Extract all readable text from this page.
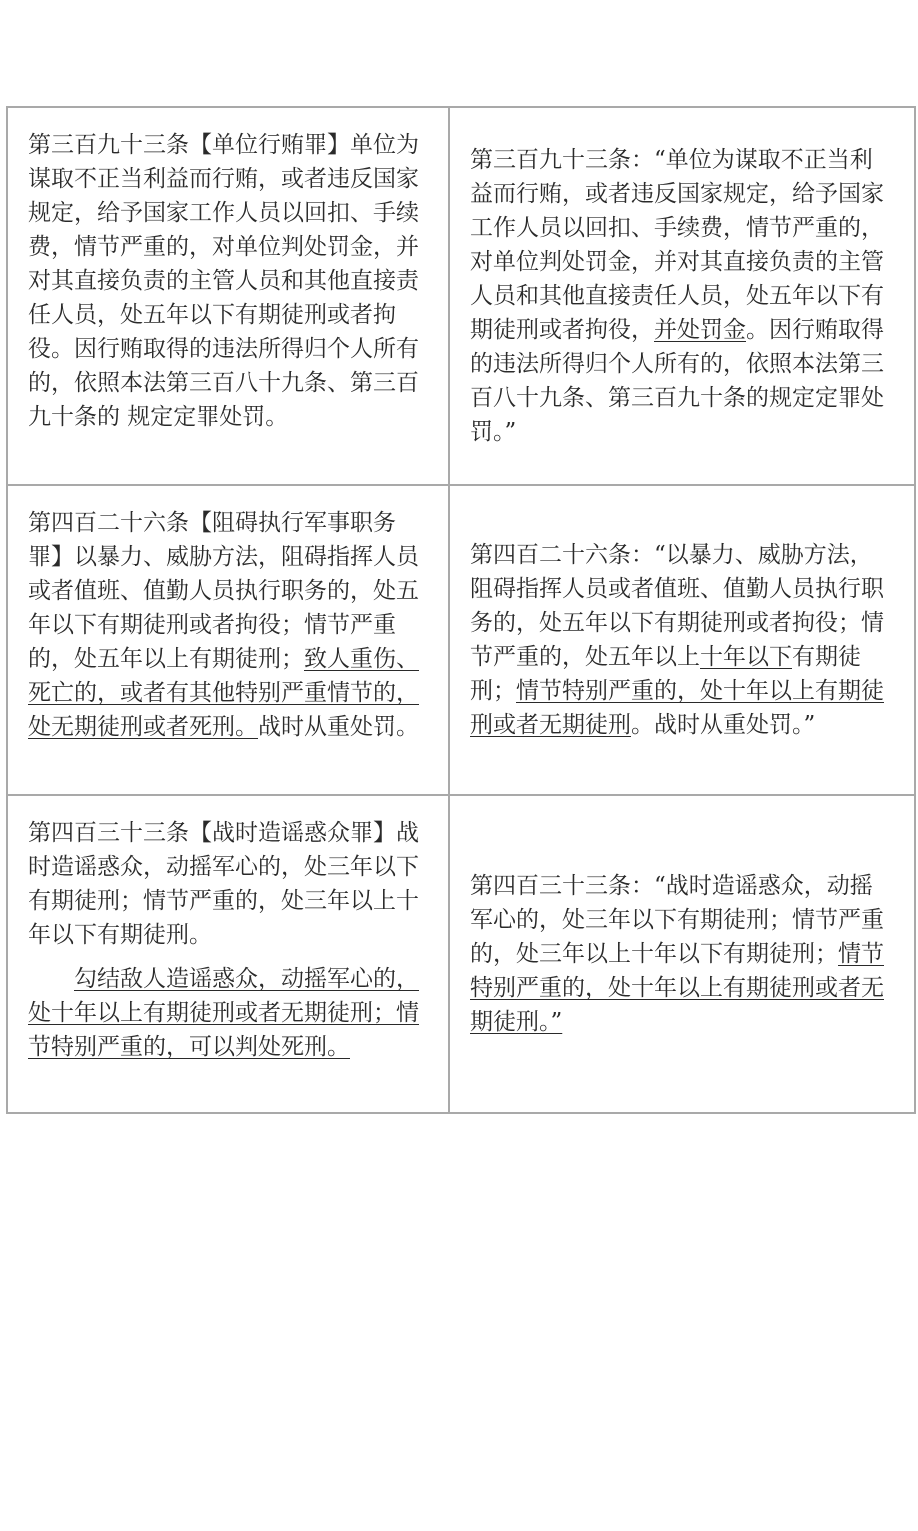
第三百九十三条【单位行贿罪】单位为谋取不正当利益而行贿，或者违反国家规定，给予国家工作人员以回扣、手续费，情节严重的，对单位判处罚金，并对其直接负责的主管人员和其他直接责任人员，处五年以下有期徒刑或者拘役。因行贿取得的违法所得归个人所有的，依照本法第三百八十九条、第三百九十条的 规定定罪处罚。	第三百九十三条：“单位为谋取不正当利益而行贿，或者违反国家规定，给予国家工作人员以回扣、手续费，情节严重的，对单位判处罚金，并对其直接负责的主管人员和其他直接责任人员，处五年以下有期徒刑或者拘役，并处罚金。因行贿取得的违法所得归个人所有的，依照本法第三百八十九条、第三百九十条的规定定罪处罚。”

第四百二十六条【阻碍执行军事职务罪】以暴力、威胁方法，阻碍指挥人员或者值班、值勤人员执行职务的，处五年以下有期徒刑或者拘役；情节严重的，处五年以上有期徒刑；致人重伤、死亡的，或者有其他特别严重情节的，处无期徒刑或者死刑。战时从重处罚。	第四百二十六条：“以暴力、威胁方法，阻碍指挥人员或者值班、值勤人员执行职务的，处五年以下有期徒刑或者拘役；情节严重的，处五年以上十年以下有期徒刑；情节特别严重的，处十年以上有期徒刑或者无期徒刑。战时从重处罚。”

第四百三十三条【战时造谣惑众罪】战时造谣惑众，动摇军心的，处三年以下有期徒刑；情节严重的，处三年以上十年以下有期徒刑。

勾结敌人造谣惑众，动摇军心的，处十年以上有期徒刑或者无期徒刑；情节特别严重的，可以判处死刑。	第四百三十三条：“战时造谣惑众，动摇军心的，处三年以下有期徒刑；情节严重的，处三年以上十年以下有期徒刑；情节特别严重的，处十年以上有期徒刑或者无期徒刑。”
